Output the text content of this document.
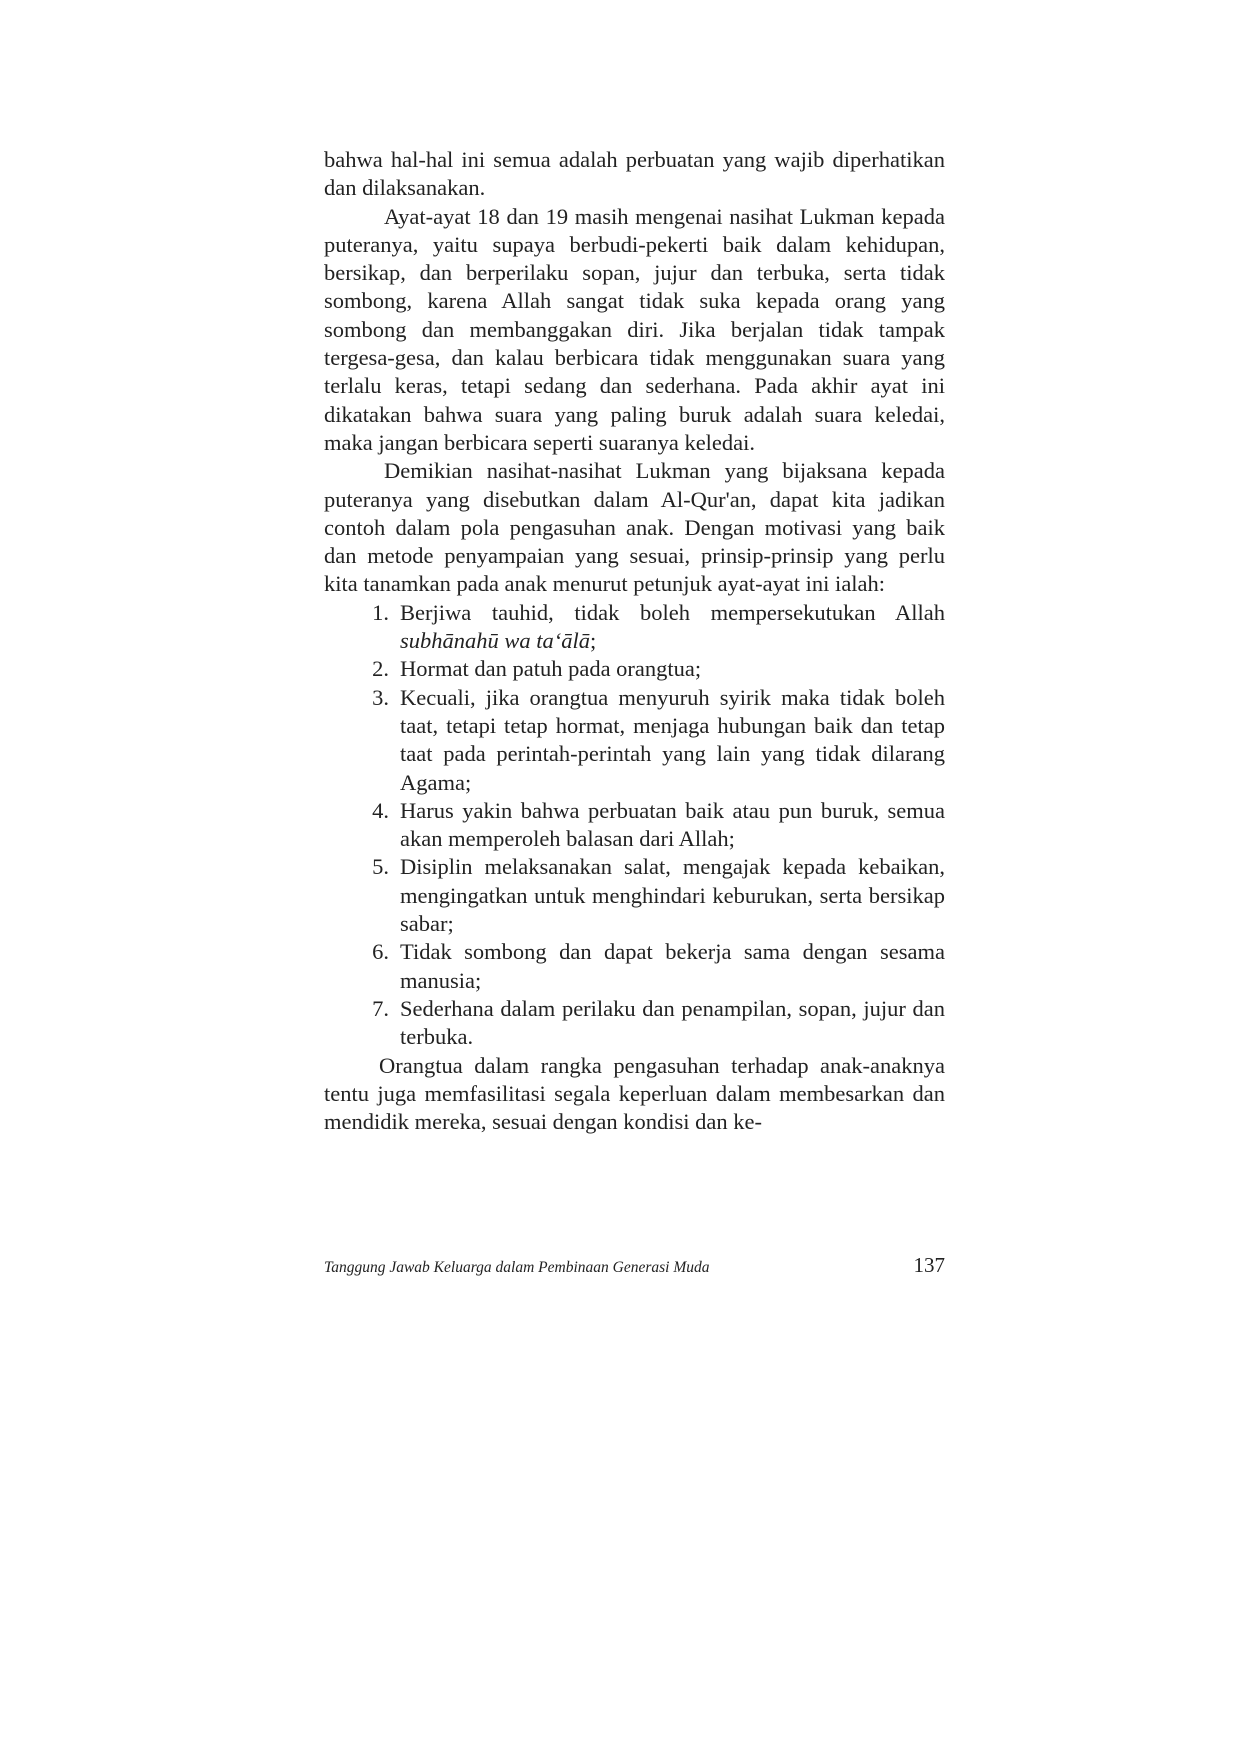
bahwa hal-hal ini semua adalah perbuatan yang wajib diperhatikan dan dilaksanakan.

Ayat-ayat 18 dan 19 masih mengenai nasihat Lukman kepada puteranya, yaitu supaya berbudi-pekerti baik dalam kehidupan, bersikap, dan berperilaku sopan, jujur dan terbuka, serta tidak sombong, karena Allah sangat tidak suka kepada orang yang sombong dan membanggakan diri. Jika berjalan tidak tampak tergesa-gesa, dan kalau berbicara tidak menggunakan suara yang terlalu keras, tetapi sedang dan sederhana. Pada akhir ayat ini dikatakan bahwa suara yang paling buruk adalah suara keledai, maka jangan berbicara seperti suaranya keledai.

Demikian nasihat-nasihat Lukman yang bijaksana kepada puteranya yang disebutkan dalam Al-Qur'an, dapat kita jadikan contoh dalam pola pengasuhan anak. Dengan motivasi yang baik dan metode penyampaian yang sesuai, prinsip-prinsip yang perlu kita tanamkan pada anak menurut petunjuk ayat-ayat ini ialah:

1. Berjiwa tauhid, tidak boleh mempersekutukan Allah subhānahū wa ta‘ālā;
2. Hormat dan patuh pada orangtua;
3. Kecuali, jika orangtua menyuruh syirik maka tidak boleh taat, tetapi tetap hormat, menjaga hubungan baik dan tetap taat pada perintah-perintah yang lain yang tidak dilarang Agama;
4. Harus yakin bahwa perbuatan baik atau pun buruk, semua akan memperoleh balasan dari Allah;
5. Disiplin melaksanakan salat, mengajak kepada kebaikan, mengingatkan untuk menghindari keburukan, serta bersikap sabar;
6. Tidak sombong dan dapat bekerja sama dengan sesama manusia;
7. Sederhana dalam perilaku dan penampilan, sopan, jujur dan terbuka.

Orangtua dalam rangka pengasuhan terhadap anak-anaknya tentu juga memfasilitasi segala keperluan dalam membesarkan dan mendidik mereka, sesuai dengan kondisi dan ke-

Tanggung Jawab Keluarga dalam Pembinaan Generasi Muda	137
